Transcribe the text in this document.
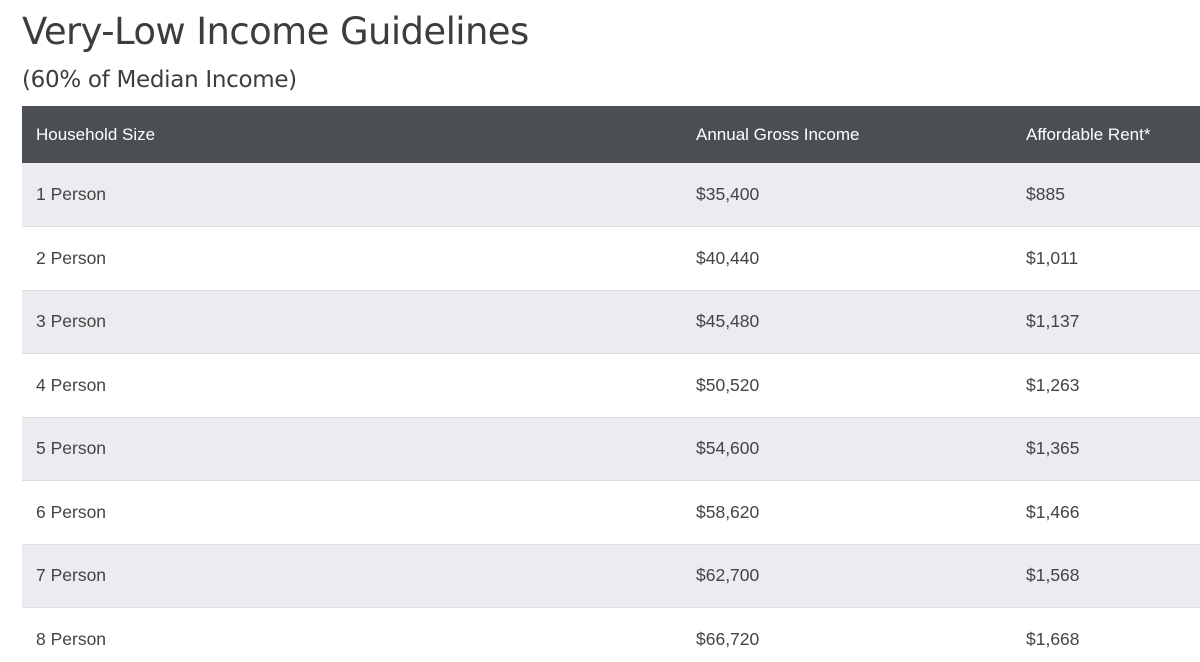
Very-Low Income Guidelines
(60% of Median Income)
Household Size	Annual Gross Income	Affordable Rent*
1 Person	$35,400	$885
2 Person	$40,440	$1,011
3 Person	$45,480	$1,137
4 Person	$50,520	$1,263
5 Person	$54,600	$1,365
6 Person	$58,620	$1,466
7 Person	$62,700	$1,568
8 Person	$66,720	$1,668
